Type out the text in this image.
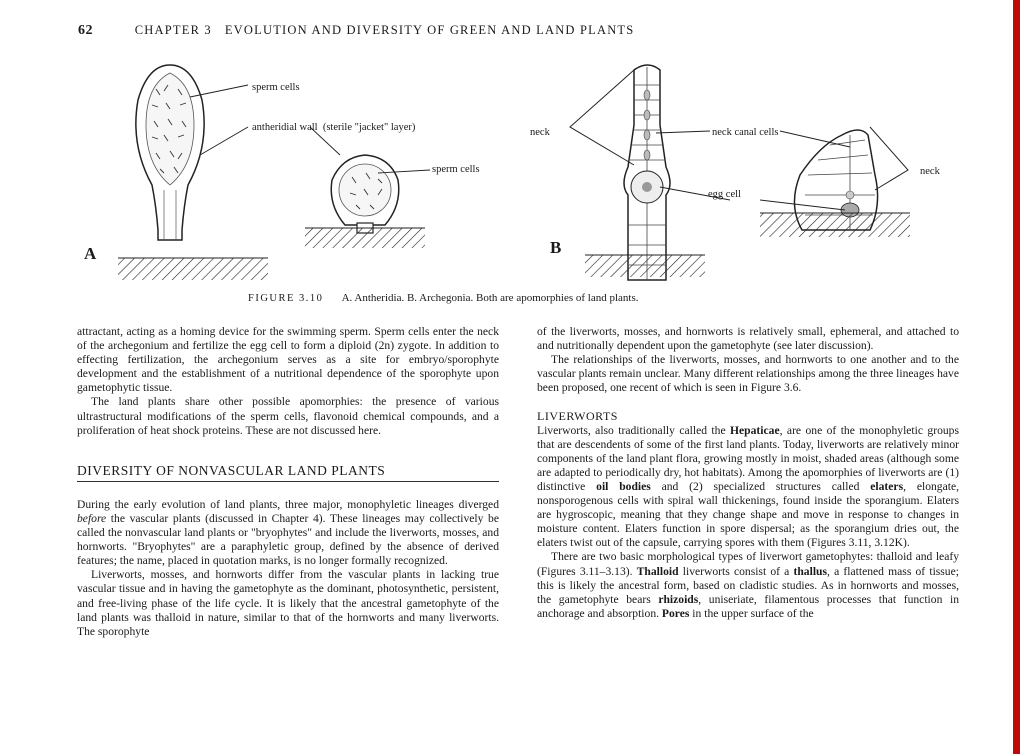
62	CHAPTER 3   EVOLUTION AND DIVERSITY OF GREEN AND LAND PLANTS
A	B
sperm cells
antheridial wall  (sterile "jacket" layer)
sperm cells
neck	neck canal cells
neck
egg cell
FIGURE 3.10 A. Antheridia. B. Archegonia. Both are apomorphies of land plants.

attractant, acting as a homing device for the swimming sperm. Sperm cells enter the neck of the archegonium and fertilize the egg cell to form a diploid (2n) zygote. In addition to effecting fertilization, the archegonium serves as a site for embryo/sporophyte development and the establishment of a nutritional dependence of the sporophyte upon gametophytic tissue.

The land plants share other possible apomorphies: the presence of various ultrastructural modifications of the sperm cells, flavonoid chemical compounds, and a proliferation of heat shock proteins. These are not discussed here.

DIVERSITY OF NONVASCULAR LAND PLANTS

During the early evolution of land plants, three major, monophyletic lineages diverged before the vascular plants (discussed in Chapter 4). These lineages may collectively be called the nonvascular land plants or "bryophytes" and include the liverworts, mosses, and hornworts. "Bryophytes" are a paraphyletic group, defined by the absence of derived features; the name, placed in quotation marks, is no longer formally recognized.

Liverworts, mosses, and hornworts differ from the vascular plants in lacking true vascular tissue and in having the gametophyte as the dominant, photosynthetic, persistent, and free-living phase of the life cycle. It is likely that the ancestral gametophyte of the land plants was thalloid in nature, similar to that of the hornworts and many liverworts. The sporophyte

of the liverworts, mosses, and hornworts is relatively small, ephemeral, and attached to and nutritionally dependent upon the gametophyte (see later discussion).

The relationships of the liverworts, mosses, and hornworts to one another and to the vascular plants remain unclear. Many different relationships among the three lineages have been proposed, one recent of which is seen in Figure 3.6.

LIVERWORTS

Liverworts, also traditionally called the Hepaticae, are one of the monophyletic groups that are descendents of some of the first land plants. Today, liverworts are relatively minor components of the land plant flora, growing mostly in moist, shaded areas (although some are adapted to periodically dry, hot habitats). Among the apomorphies of liverworts are (1) distinctive oil bodies and (2) specialized structures called elaters, elongate, nonsporogenous cells with spiral wall thickenings, found inside the sporangium. Elaters are hygroscopic, meaning that they change shape and move in response to changes in moisture content. Elaters function in spore dispersal; as the sporangium dries out, the elaters twist out of the capsule, carrying spores with them (Figures 3.11, 3.12K).

There are two basic morphological types of liverwort gametophytes: thalloid and leafy (Figures 3.11–3.13). Thalloid liverworts consist of a thallus, a flattened mass of tissue; this is likely the ancestral form, based on cladistic studies. As in hornworts and mosses, the gametophyte bears rhizoids, uniseriate, filamentous processes that function in anchorage and absorption. Pores in the upper surface of the
